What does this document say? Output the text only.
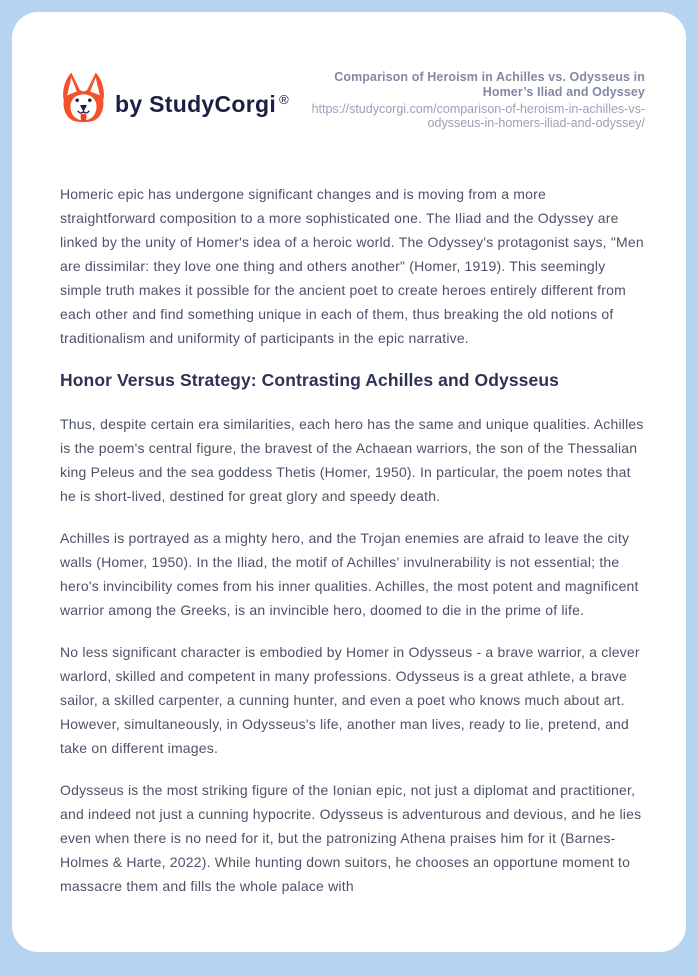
by StudyCorgi ®
Comparison of Heroism in Achilles vs. Odysseus in Homer’s Iliad and Odyssey
https://studycorgi.com/comparison-of-heroism-in-achilles-vs-odysseus-in-homers-iliad-and-odyssey/

Homeric epic has undergone significant changes and is moving from a more straightforward composition to a more sophisticated one. The Iliad and the Odyssey are linked by the unity of Homer's idea of a heroic world. The Odyssey's protagonist says, "Men are dissimilar: they love one thing and others another" (Homer, 1919). This seemingly simple truth makes it possible for the ancient poet to create heroes entirely different from each other and find something unique in each of them, thus breaking the old notions of traditionalism and uniformity of participants in the epic narrative.

Honor Versus Strategy: Contrasting Achilles and Odysseus

Thus, despite certain era similarities, each hero has the same and unique qualities. Achilles is the poem's central figure, the bravest of the Achaean warriors, the son of the Thessalian king Peleus and the sea goddess Thetis (Homer, 1950). In particular, the poem notes that he is short-lived, destined for great glory and speedy death.

Achilles is portrayed as a mighty hero, and the Trojan enemies are afraid to leave the city walls (Homer, 1950). In the Iliad, the motif of Achilles' invulnerability is not essential; the hero's invincibility comes from his inner qualities. Achilles, the most potent and magnificent warrior among the Greeks, is an invincible hero, doomed to die in the prime of life.

No less significant character is embodied by Homer in Odysseus - a brave warrior, a clever warlord, skilled and competent in many professions. Odysseus is a great athlete, a brave sailor, a skilled carpenter, a cunning hunter, and even a poet who knows much about art. However, simultaneously, in Odysseus's life, another man lives, ready to lie, pretend, and take on different images.

Odysseus is the most striking figure of the Ionian epic, not just a diplomat and practitioner, and indeed not just a cunning hypocrite. Odysseus is adventurous and devious, and he lies even when there is no need for it, but the patronizing Athena praises him for it (Barnes-Holmes & Harte, 2022). While hunting down suitors, he chooses an opportune moment to massacre them and fills the whole palace with
